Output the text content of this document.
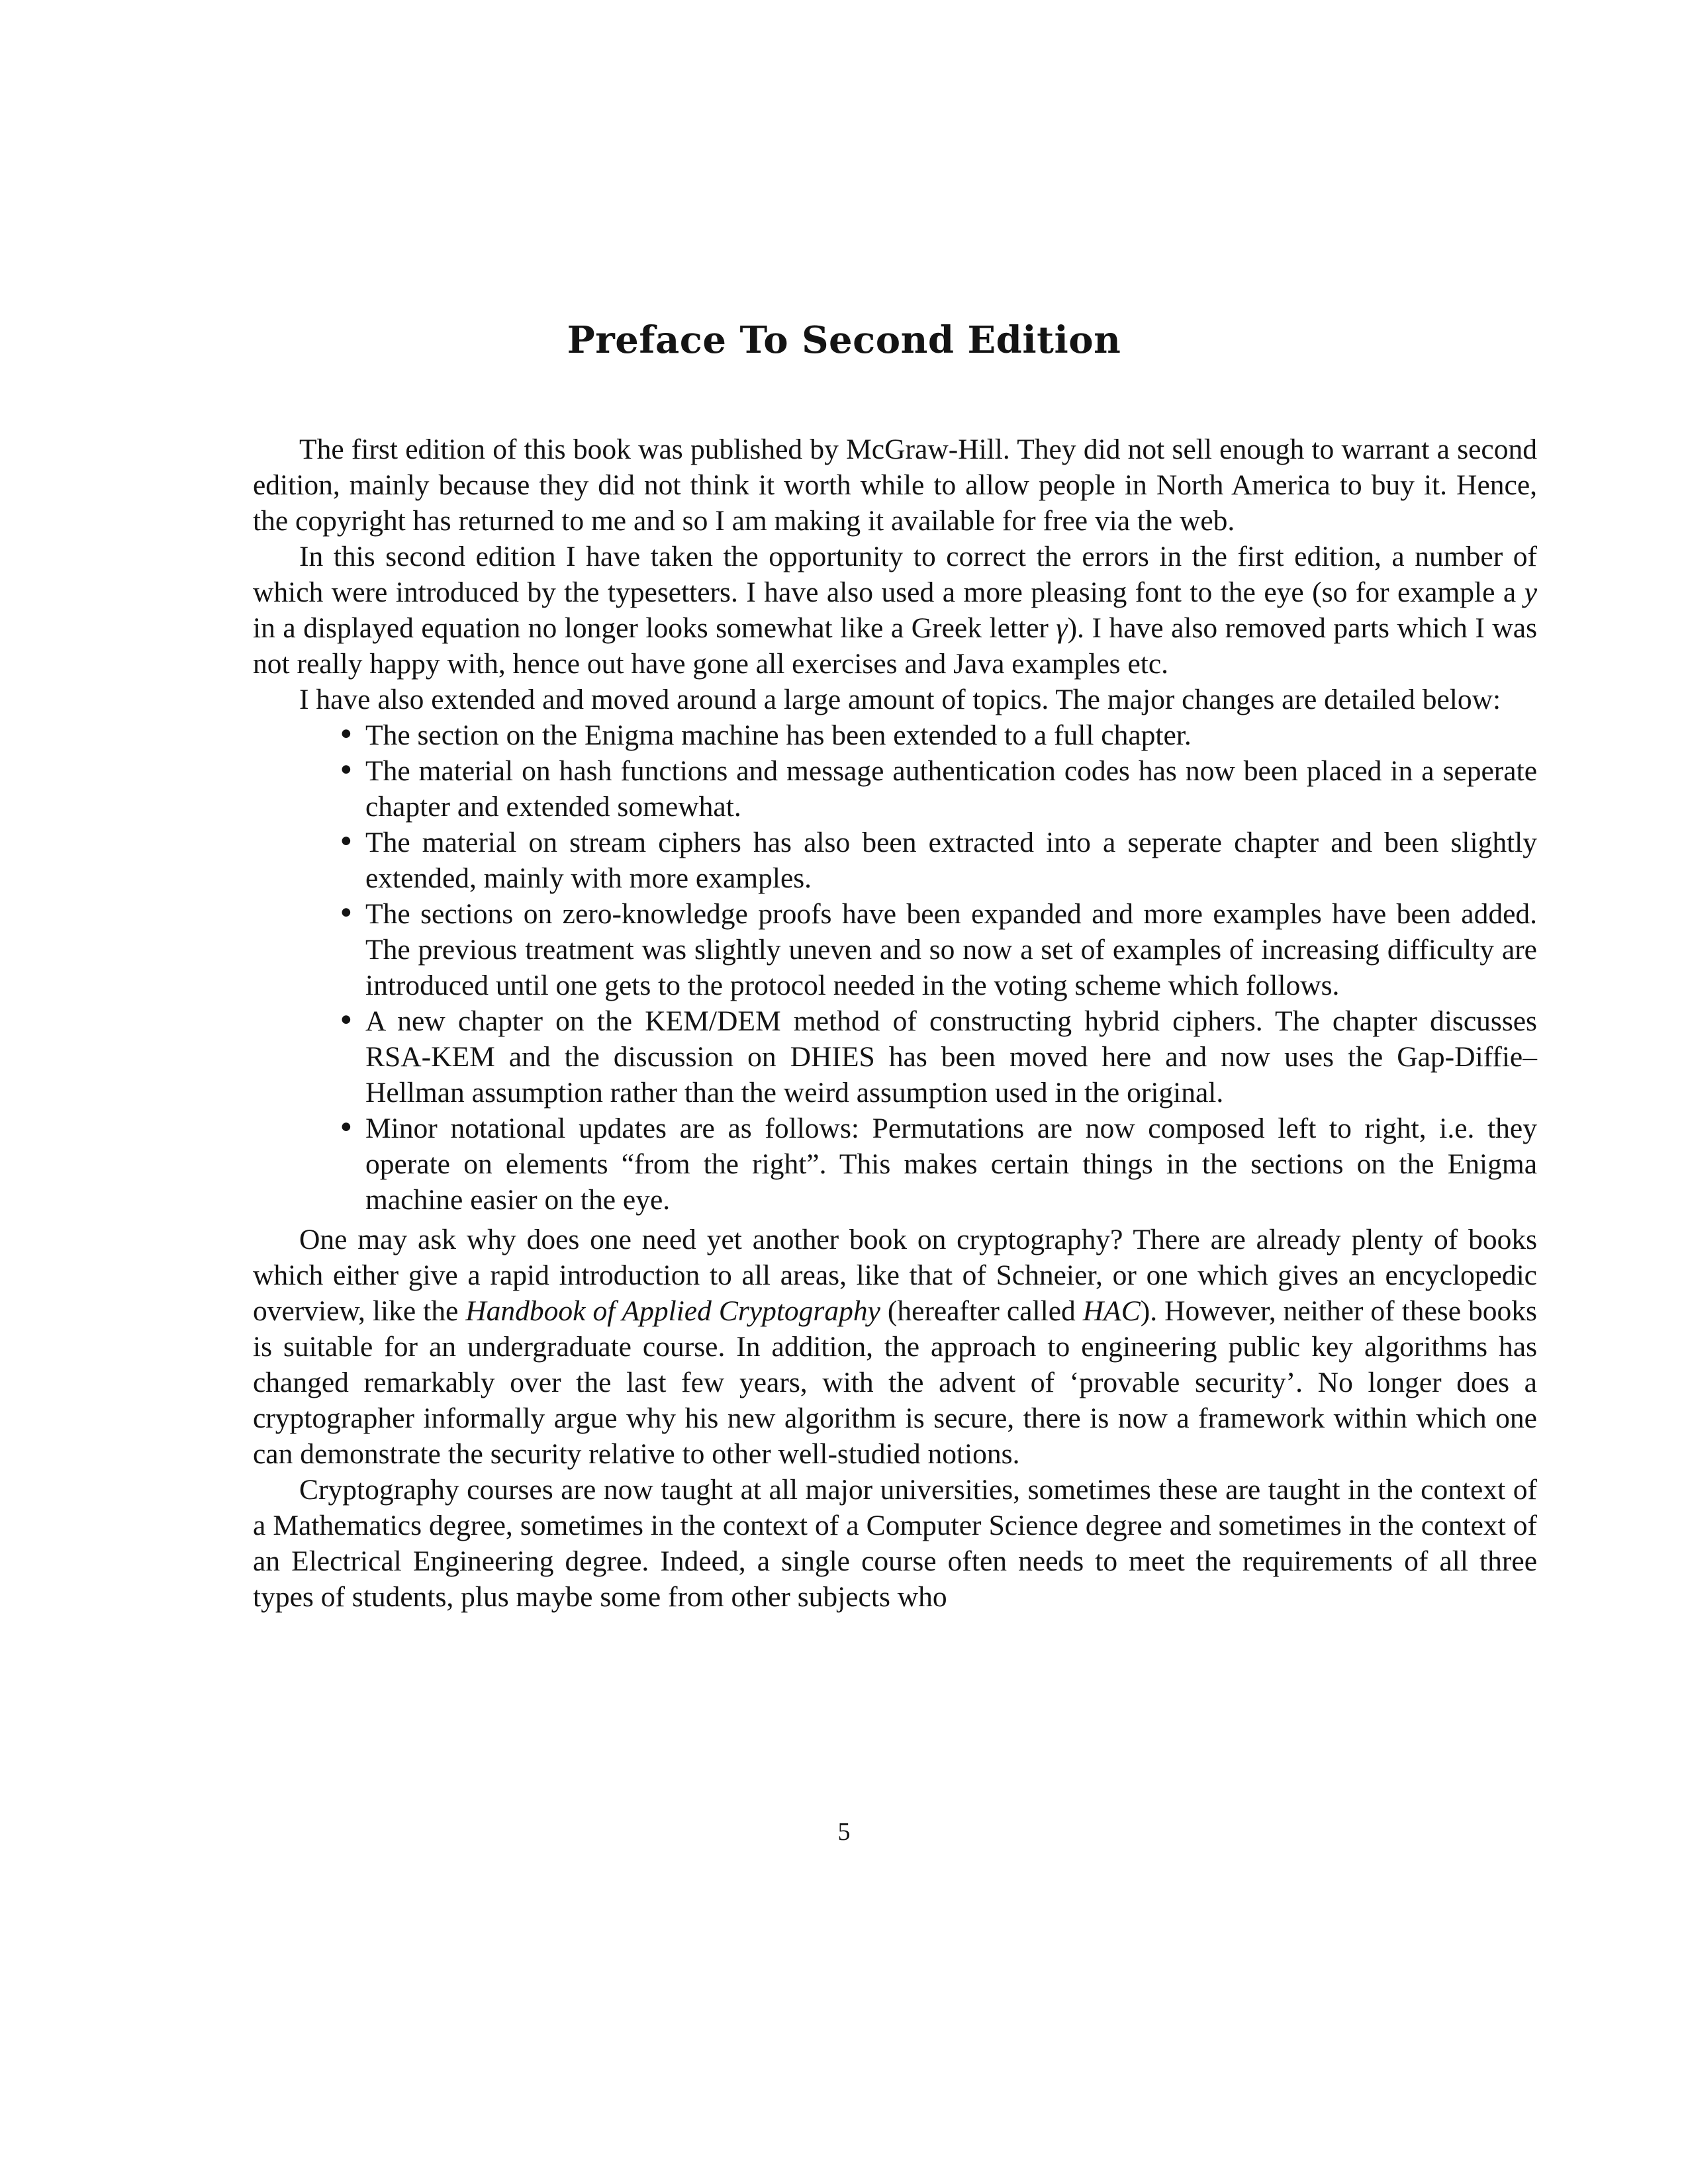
Preface To Second Edition

The first edition of this book was published by McGraw-Hill. They did not sell enough to warrant a second edition, mainly because they did not think it worth while to allow people in North America to buy it. Hence, the copyright has returned to me and so I am making it available for free via the web.

In this second edition I have taken the opportunity to correct the errors in the first edition, a number of which were introduced by the typesetters. I have also used a more pleasing font to the eye (so for example a y in a displayed equation no longer looks somewhat like a Greek letter γ). I have also removed parts which I was not really happy with, hence out have gone all exercises and Java examples etc.

I have also extended and moved around a large amount of topics. The major changes are detailed below:

• The section on the Enigma machine has been extended to a full chapter.
• The material on hash functions and message authentication codes has now been placed in a seperate chapter and extended somewhat.
• The material on stream ciphers has also been extracted into a seperate chapter and been slightly extended, mainly with more examples.
• The sections on zero-knowledge proofs have been expanded and more examples have been added. The previous treatment was slightly uneven and so now a set of examples of increasing difficulty are introduced until one gets to the protocol needed in the voting scheme which follows.
• A new chapter on the KEM/DEM method of constructing hybrid ciphers. The chapter discusses RSA-KEM and the discussion on DHIES has been moved here and now uses the Gap-Diffie–Hellman assumption rather than the weird assumption used in the original.
• Minor notational updates are as follows: Permutations are now composed left to right, i.e. they operate on elements “from the right”. This makes certain things in the sections on the Enigma machine easier on the eye.

One may ask why does one need yet another book on cryptography? There are already plenty of books which either give a rapid introduction to all areas, like that of Schneier, or one which gives an encyclopedic overview, like the Handbook of Applied Cryptography (hereafter called HAC). However, neither of these books is suitable for an undergraduate course. In addition, the approach to engineering public key algorithms has changed remarkably over the last few years, with the advent of ‘provable security’. No longer does a cryptographer informally argue why his new algorithm is secure, there is now a framework within which one can demonstrate the security relative to other well-studied notions.

Cryptography courses are now taught at all major universities, sometimes these are taught in the context of a Mathematics degree, sometimes in the context of a Computer Science degree and sometimes in the context of an Electrical Engineering degree. Indeed, a single course often needs to meet the requirements of all three types of students, plus maybe some from other subjects who

5
